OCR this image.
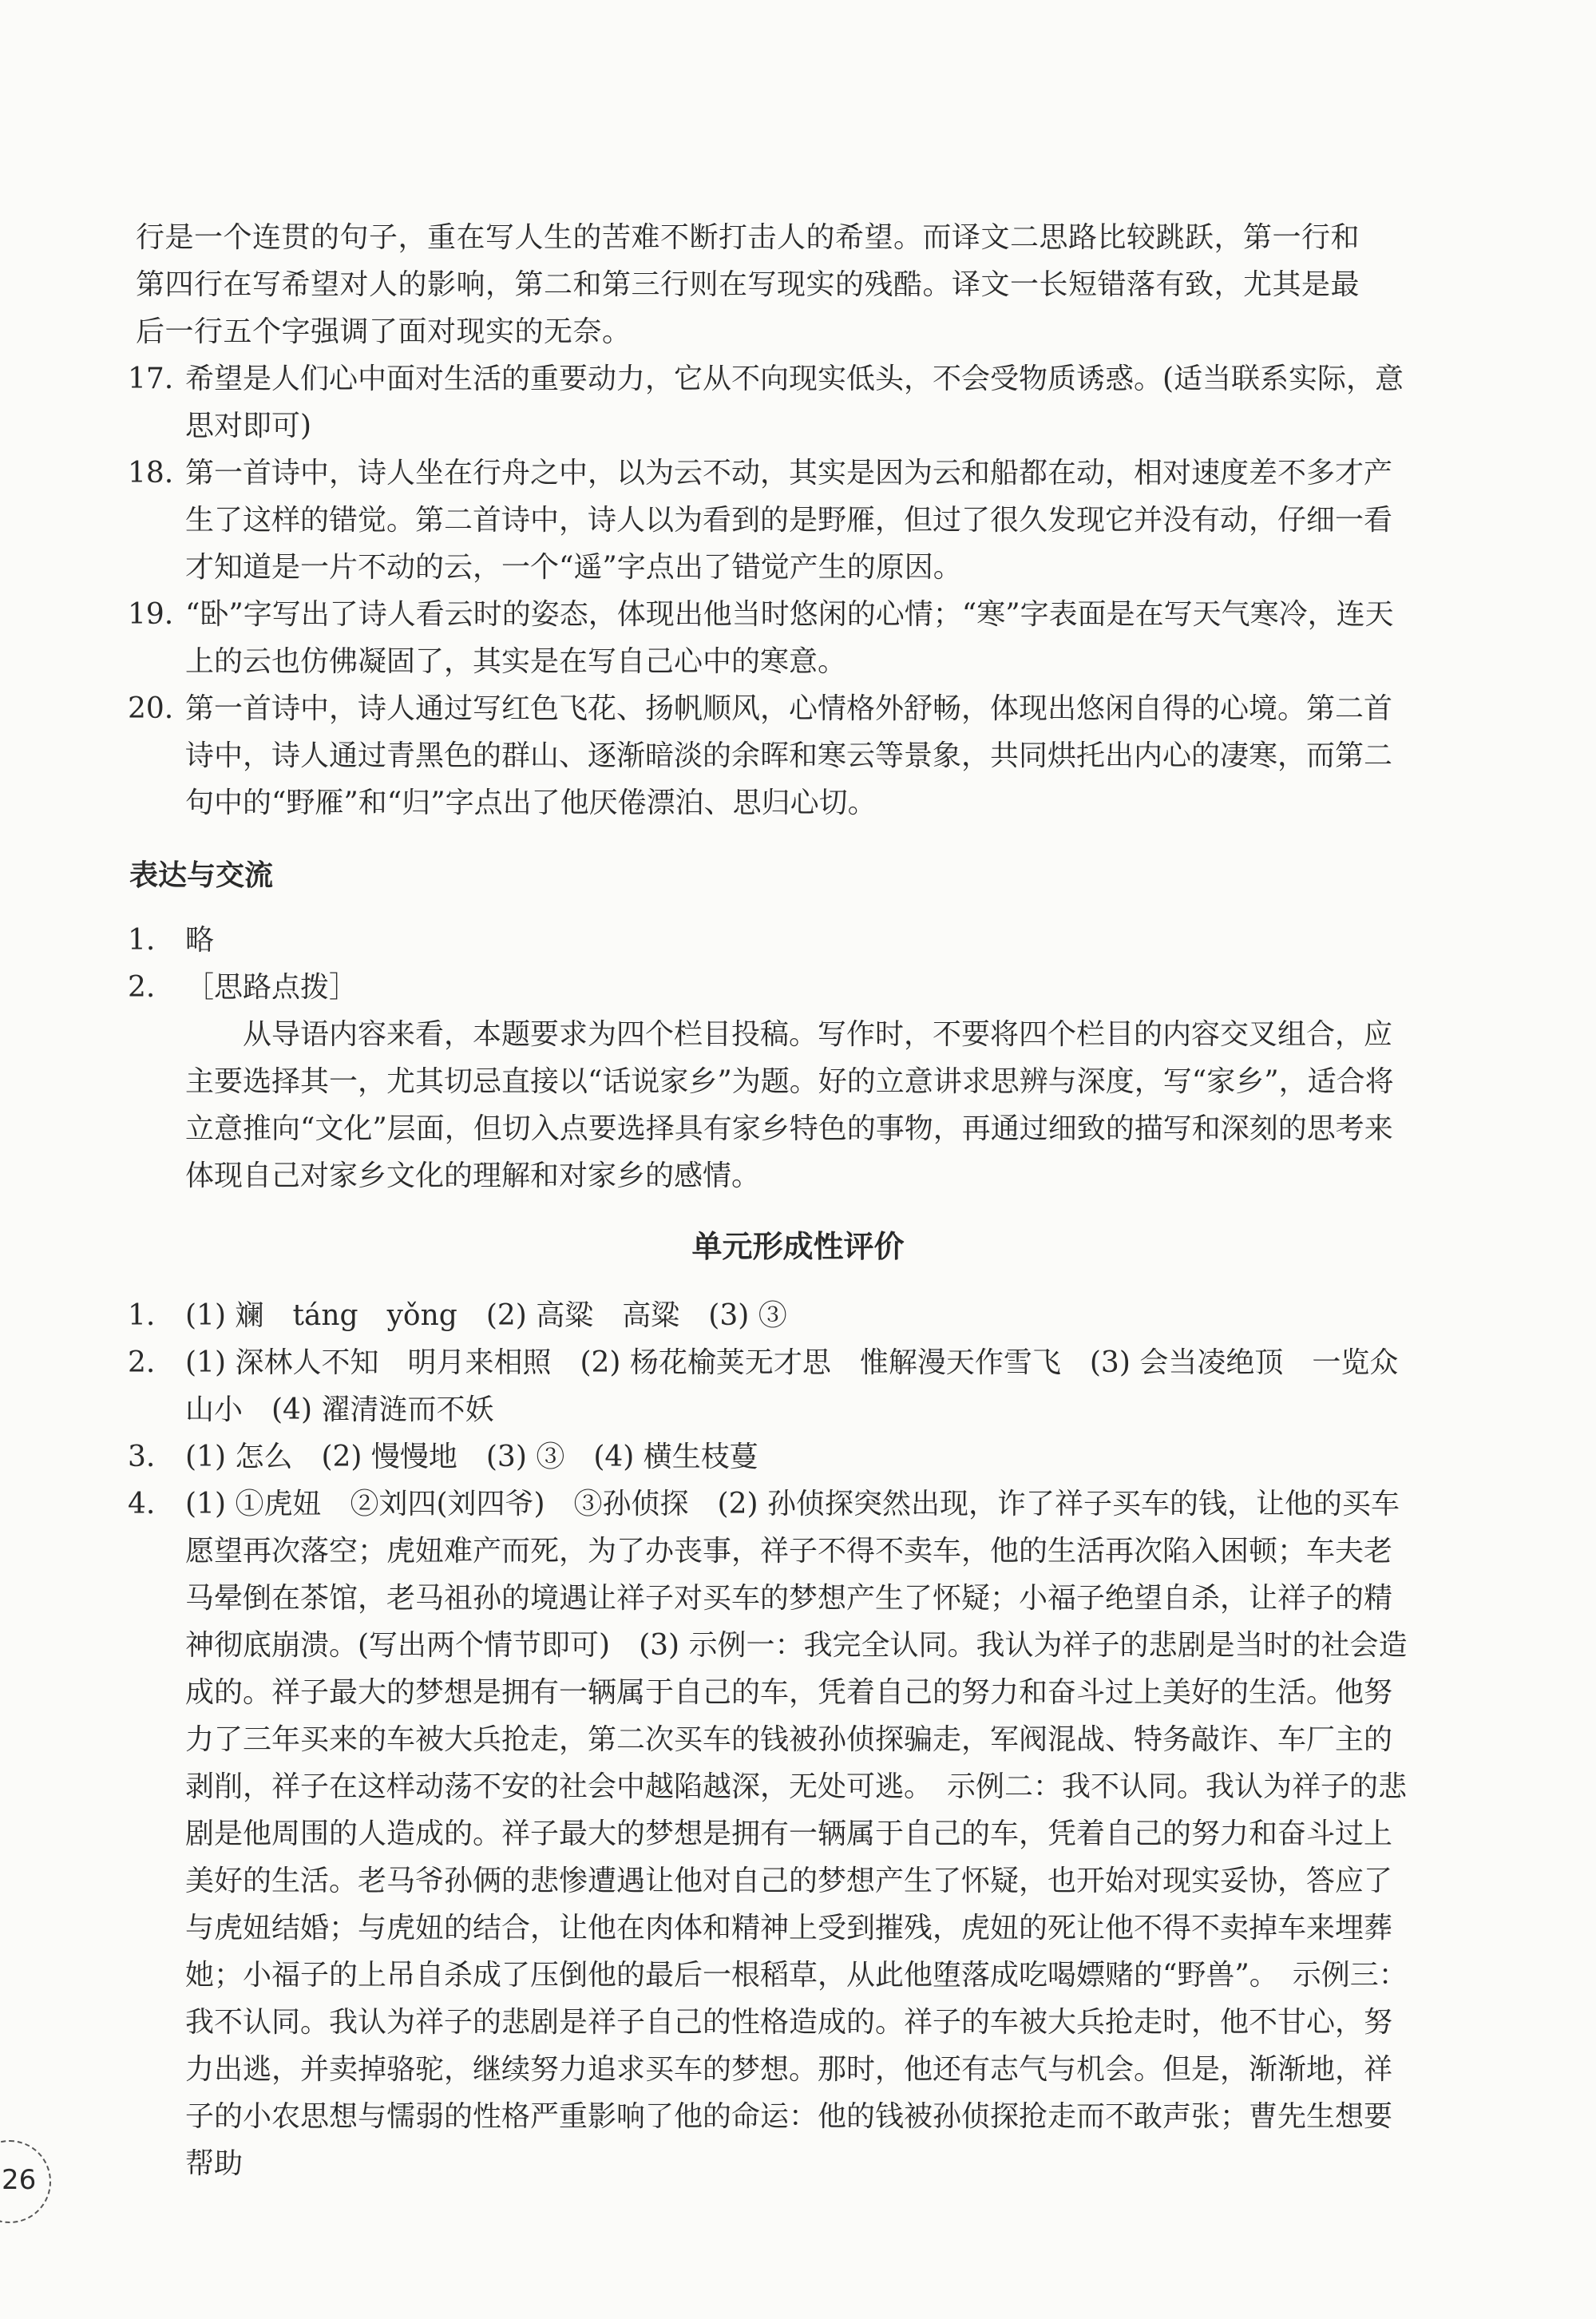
行是一个连贯的句子，重在写人生的苦难不断打击人的希望。而译文二思路比较跳跃，第一行和
第四行在写希望对人的影响，第二和第三行则在写现实的残酷。译文一长短错落有致，尤其是最
后一行五个字强调了面对现实的无奈。
17. 希望是人们心中面对生活的重要动力，它从不向现实低头，不会受物质诱惑。(适当联系实际，意思对即可)
18. 第一首诗中，诗人坐在行舟之中，以为云不动，其实是因为云和船都在动，相对速度差不多才产生了这样的错觉。第二首诗中，诗人以为看到的是野雁，但过了很久发现它并没有动，仔细一看才知道是一片不动的云，一个“遥”字点出了错觉产生的原因。
19. “卧”字写出了诗人看云时的姿态，体现出他当时悠闲的心情；“寒”字表面是在写天气寒冷，连天上的云也仿佛凝固了，其实是在写自己心中的寒意。
20. 第一首诗中，诗人通过写红色飞花、扬帆顺风，心情格外舒畅，体现出悠闲自得的心境。第二首诗中，诗人通过青黑色的群山、逐渐暗淡的余晖和寒云等景象，共同烘托出内心的凄寒，而第二句中的“野雁”和“归”字点出了他厌倦漂泊、思归心切。
表达与交流
1.	略
2.	［思路点拨］
从导语内容来看，本题要求为四个栏目投稿。写作时，不要将四个栏目的内容交叉组合，应主要选择其一，尤其切忌直接以“话说家乡”为题。好的立意讲求思辨与深度，写“家乡”，适合将立意推向“文化”层面，但切入点要选择具有家乡特色的事物，再通过细致的描写和深刻的思考来体现自己对家乡文化的理解和对家乡的感情。
单元形成性评价
1.	(1) 斓　táng　yǒng　(2) 高粱　高粱　(3) ③
2.	(1) 深林人不知　明月来相照　(2) 杨花榆荚无才思　惟解漫天作雪飞　(3) 会当凌绝顶　一览众山小　(4) 濯清涟而不妖
3.	(1) 怎么　(2) 慢慢地　(3) ③　(4) 横生枝蔓
4.	(1) ①虎妞　②刘四(刘四爷)　③孙侦探　(2) 孙侦探突然出现，诈了祥子买车的钱，让他的买车愿望再次落空；虎妞难产而死，为了办丧事，祥子不得不卖车，他的生活再次陷入困顿；车夫老马晕倒在茶馆，老马祖孙的境遇让祥子对买车的梦想产生了怀疑；小福子绝望自杀，让祥子的精神彻底崩溃。(写出两个情节即可)　(3) 示例一：我完全认同。我认为祥子的悲剧是当时的社会造成的。祥子最大的梦想是拥有一辆属于自己的车，凭着自己的努力和奋斗过上美好的生活。他努力了三年买来的车被大兵抢走，第二次买车的钱被孙侦探骗走，军阀混战、特务敲诈、车厂主的剥削，祥子在这样动荡不安的社会中越陷越深，无处可逃。　示例二：我不认同。我认为祥子的悲剧是他周围的人造成的。祥子最大的梦想是拥有一辆属于自己的车，凭着自己的努力和奋斗过上美好的生活。老马爷孙俩的悲惨遭遇让他对自己的梦想产生了怀疑，也开始对现实妥协，答应了与虎妞结婚；与虎妞的结合，让他在肉体和精神上受到摧残，虎妞的死让他不得不卖掉车来埋葬她；小福子的上吊自杀成了压倒他的最后一根稻草，从此他堕落成吃喝嫖赌的“野兽”。　示例三：我不认同。我认为祥子的悲剧是祥子自己的性格造成的。祥子的车被大兵抢走时，他不甘心，努力出逃，并卖掉骆驼，继续努力追求买车的梦想。那时，他还有志气与机会。但是，渐渐地，祥子的小农思想与懦弱的性格严重影响了他的命运：他的钱被孙侦探抢走而不敢声张；曹先生想要帮助
26
